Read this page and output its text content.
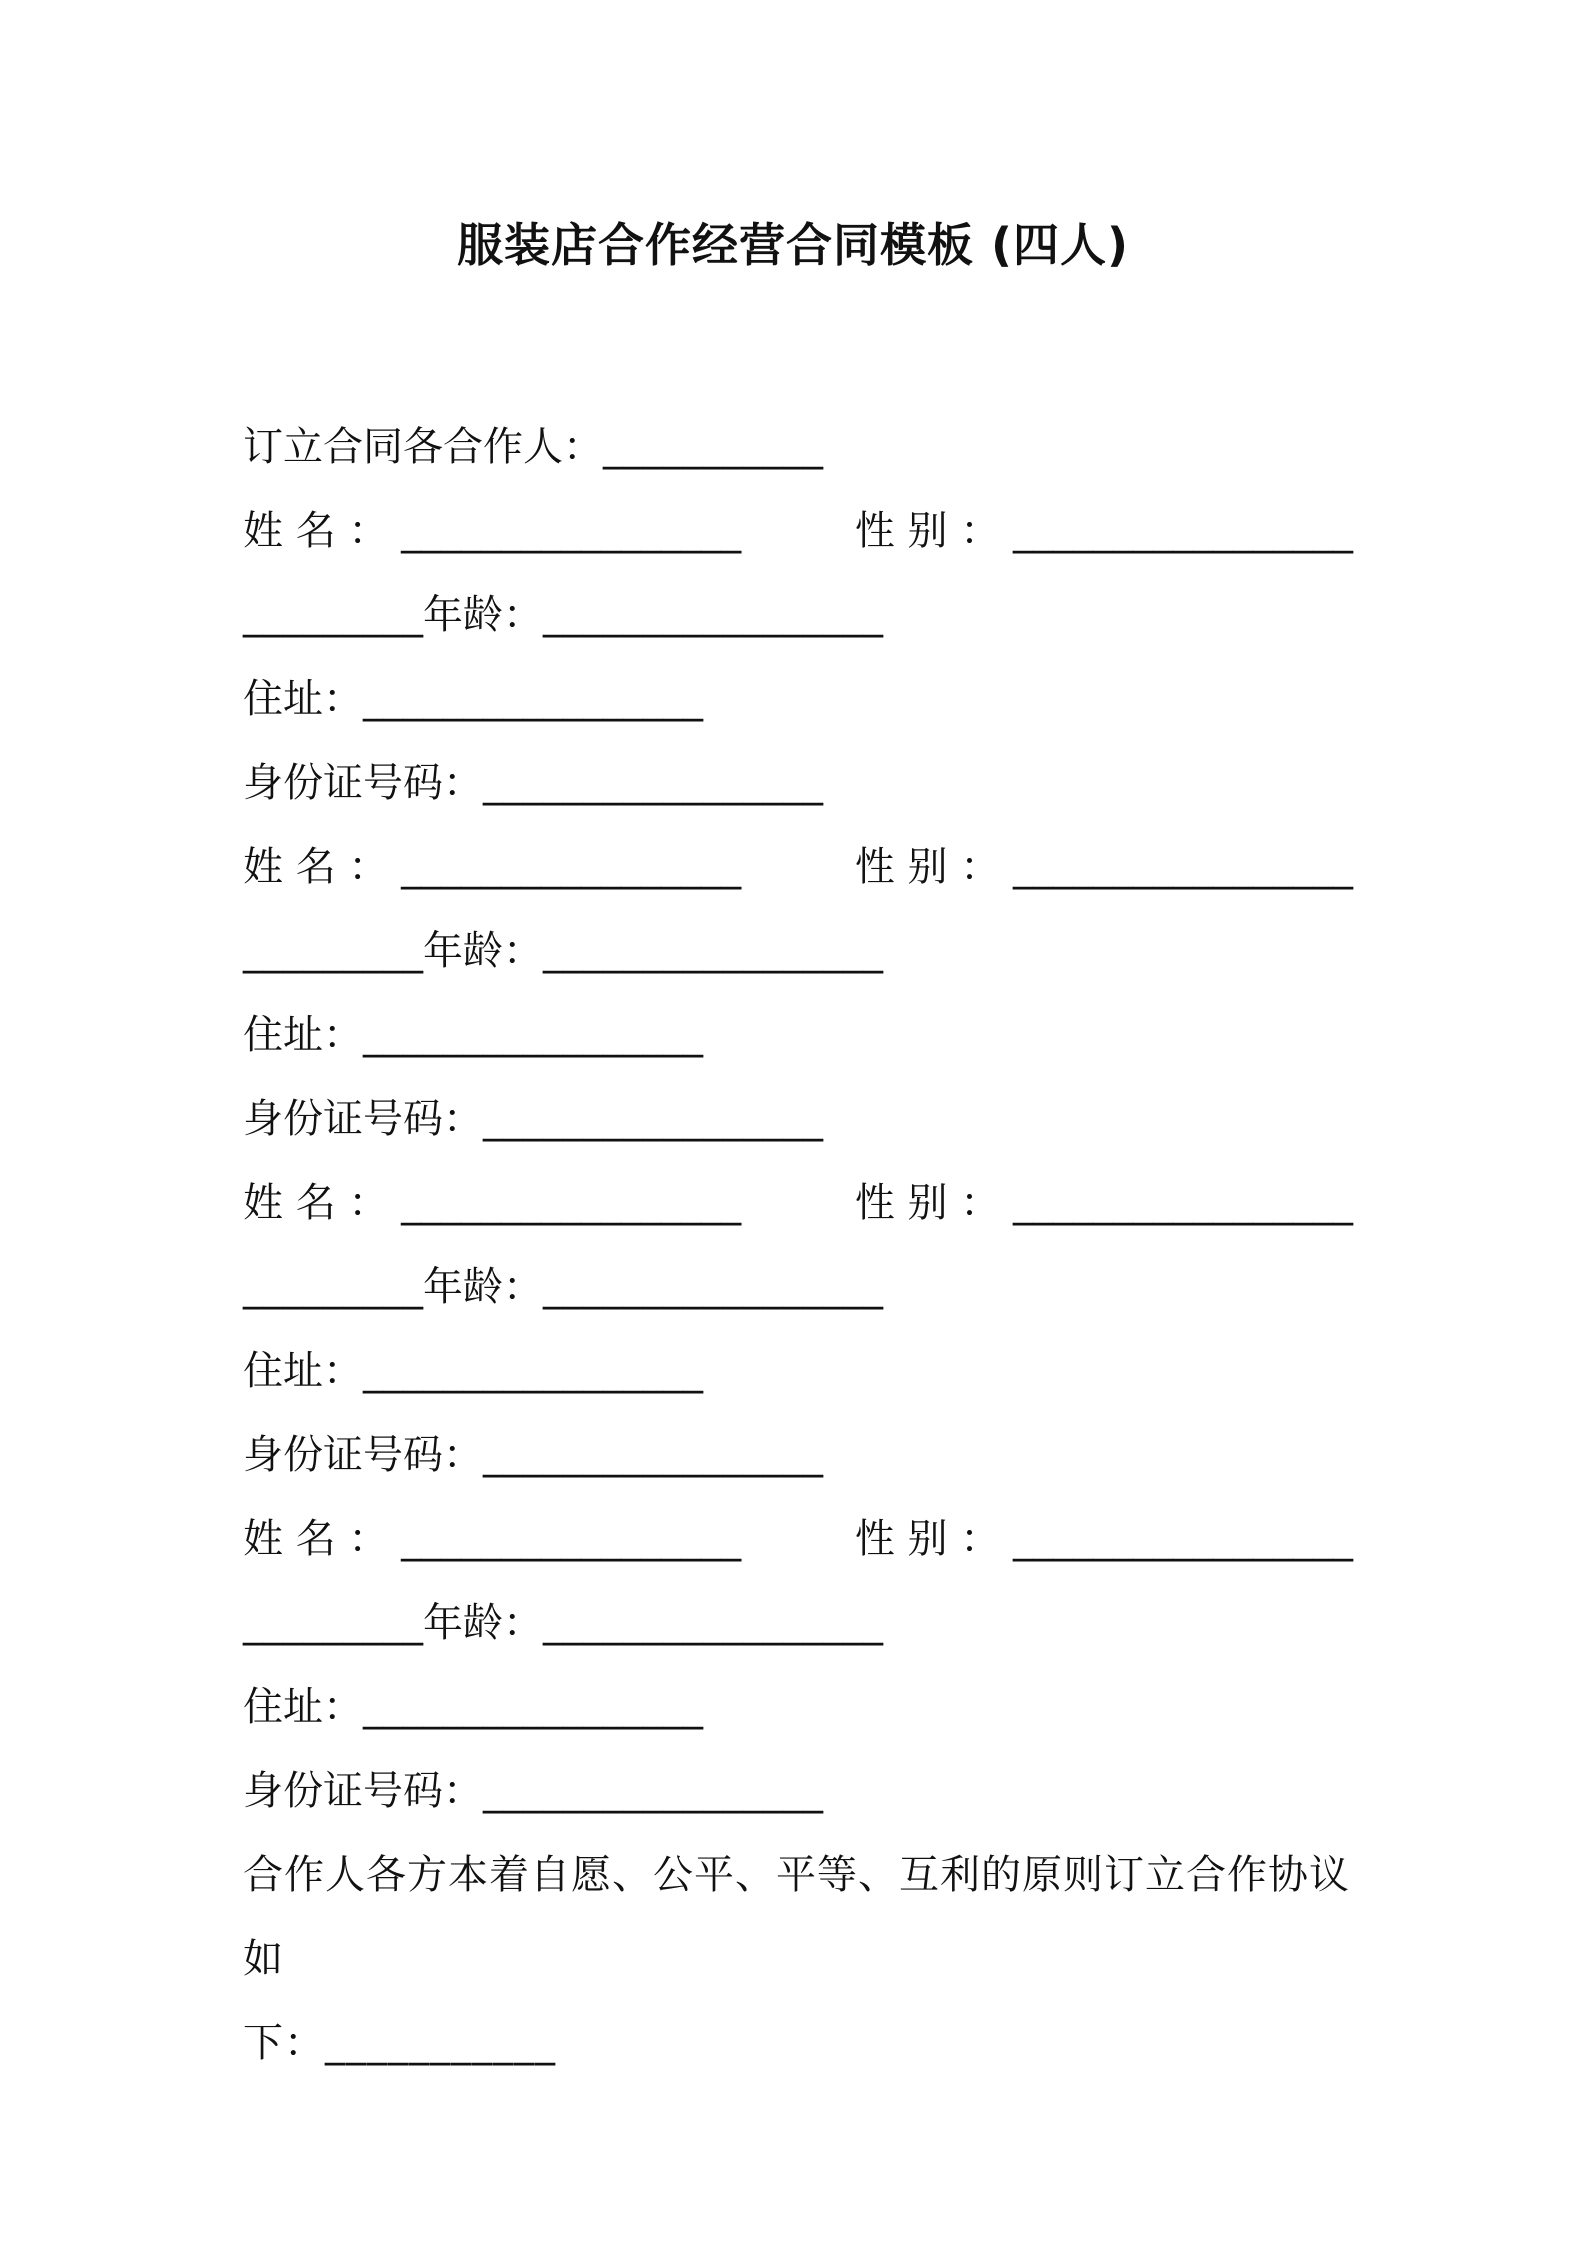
服装店合作经营合同模板 (四人)
订立合同各合作人：___________
姓 名 ： _________________	性 别 ： _________________
_________年龄：_________________
住址：_________________
身份证号码：_________________
姓 名 ： _________________	性 别 ： _________________
_________年龄：_________________
住址：_________________
身份证号码：_________________
姓 名 ： _________________	性 别 ： _________________
_________年龄：_________________
住址：_________________
身份证号码：_________________
姓 名 ： _________________	性 别 ： _________________
_________年龄：_________________
住址：_________________
身份证号码：_________________
合作人各方本着自愿、公平、平等、互利的原则订立合作协议如
下：___________
